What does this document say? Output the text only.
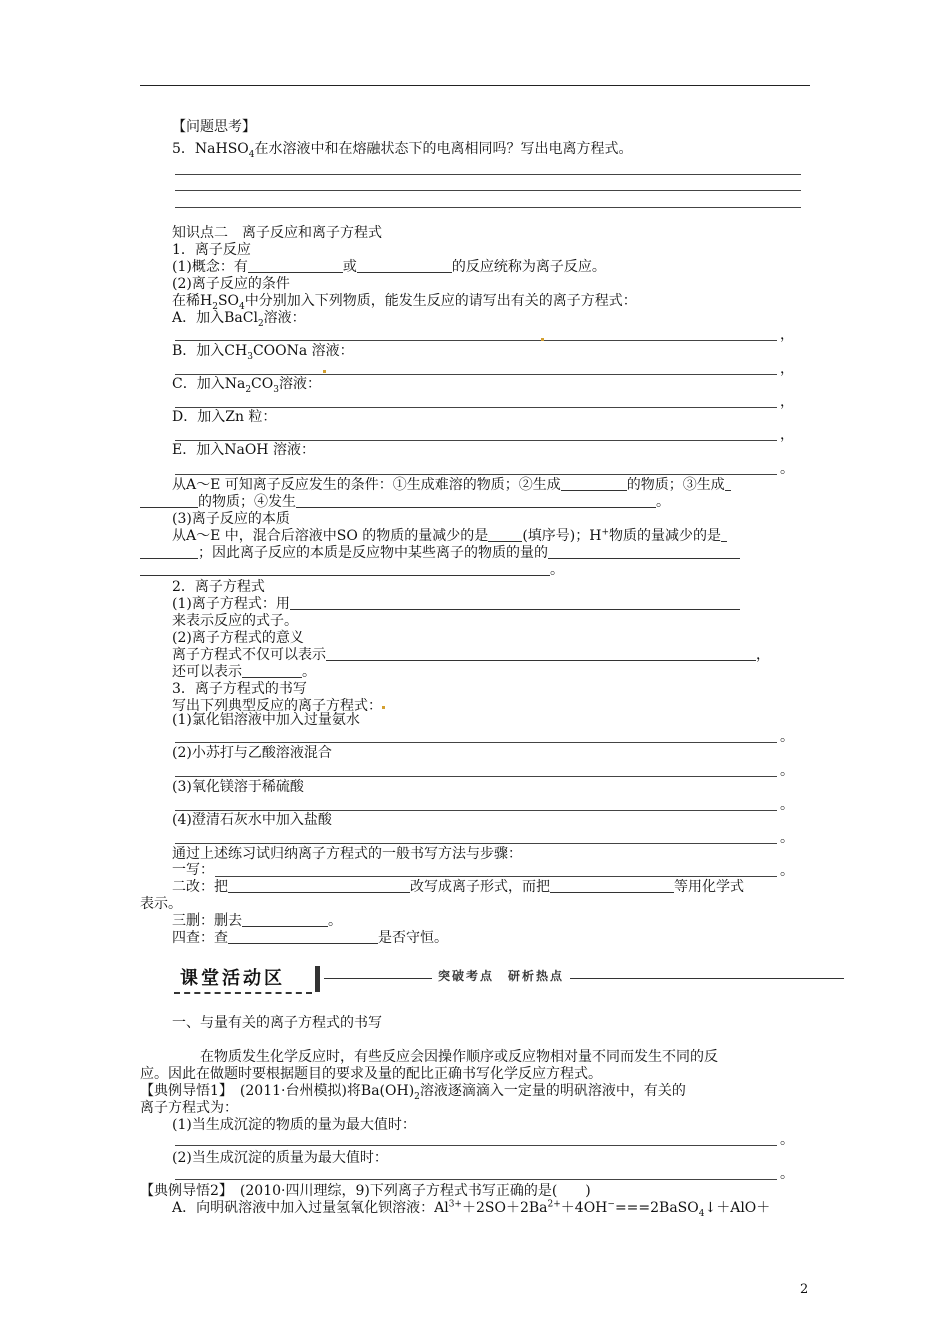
【问题思考】
5．NaHSO$_4$在水溶液中和在熔融状态下的电离相同吗？写出电离方程式。
知识点二　离子反应和离子方程式
1．离子反应
(1)概念：有	或	的反应统称为离子反应。
(2)离子反应的条件
在稀$H_2SO_4$中分别加入下列物质，能发生反应的请写出有关的离子方程式：
A．加入BaCl$_2$溶液：
，
B．加入$CH_3COONa$ 溶液：
，
C．加入$Na_2CO_3$溶液：
，
D．加入Zn 粒：
，
E．加入NaOH 溶液：
。
从A～E 可知离子反应发生的条件：①生成难溶的物质；②生成	的物质；③生成
的物质；④发生	。
(3)离子反应的本质
从A～E 中，混合后溶液中SO 的物质的量减少的是 (填序号)；H+物质的量减少的是
；因此离子反应的本质是反应物中某些离子的物质的量的
。
2．离子方程式
(1)离子方程式：用
来表示反应的式子。
(2)离子方程式的意义
离子方程式不仅可以表示	，
还可以表示	。
3．离子方程式的书写
写出下列典型反应的离子方程式：
(1)氯化铝溶液中加入过量氨水
。
(2)小苏打与乙酸溶液混合
。
(3)氧化镁溶于稀硫酸
。
(4)澄清石灰水中加入盐酸
。
通过上述练习试归纳离子方程式的一般书写方法与步骤：
一写：	。
二改：把	改写成离子形式，而把	等用化学式
表示。
三删：删去	。
四查：查	是否守恒。
课堂活动区	突破考点　研析热点
一、与量有关的离子方程式的书写
在物质发生化学反应时，有些反应会因操作顺序或反应物相对量不同而发生不同的反
应。因此在做题时要根据题目的要求及量的配比正确书写化学反应方程式。
【典例导悟1】　 (2011·台州模拟)将$Ba(OH)_2$溶液逐滴滴入一定量的明矾溶液中，有关的
离子方程式为：
(1)当生成沉淀的物质的量为最大值时：
。
(2)当生成沉淀的质量为最大值时：
。
【典例导悟2】　 (2010·四川理综，9)下列离子方程式书写正确的是(　　)
A．向明矾溶液中加入过量氢氧化钡溶液：$Al^{3+}+2SO+2Ba^{2+}+4OH^-===2BaSO_4↓+AlO+$
2
